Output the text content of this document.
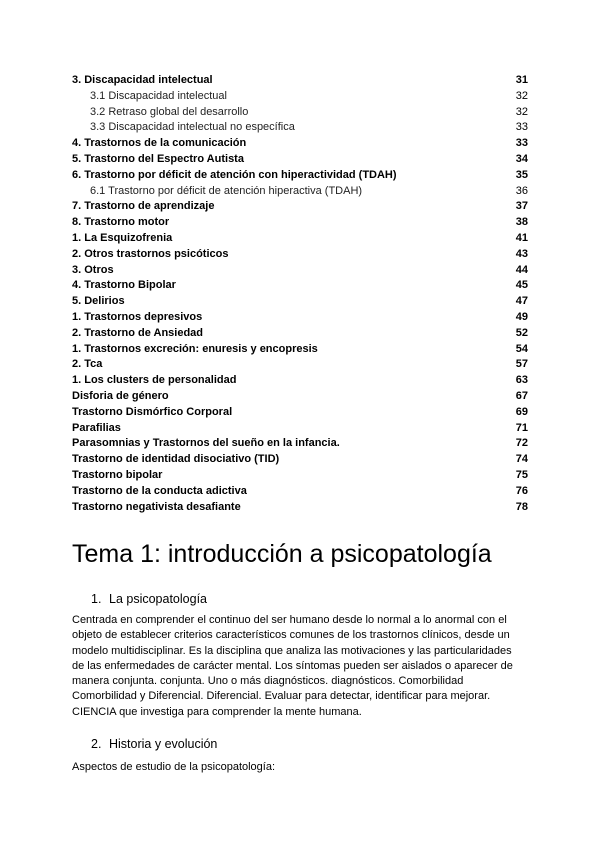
3. Discapacidad intelectual	31
3.1 Discapacidad intelectual	32
3.2 Retraso global del desarrollo	32
3.3 Discapacidad intelectual no específica	33
4. Trastornos de la comunicación	33
5. Trastorno del Espectro Autista	34
6. Trastorno por déficit de atención con hiperactividad (TDAH)	35
6.1 Trastorno por déficit de atención hiperactiva (TDAH)	36
7. Trastorno de aprendizaje	37
8. Trastorno motor	38
1. La Esquizofrenia	41
2. Otros trastornos psicóticos	43
3. Otros	44
4. Trastorno Bipolar	45
5. Delirios	47
1. Trastornos depresivos	49
2. Trastorno de Ansiedad	52
1. Trastornos excreción: enuresis y encopresis	54
2. Tca	57
1. Los clusters de personalidad	63
Disforia de género	67
Trastorno Dismórfico Corporal	69
Parafilias	71
Parasomnias y Trastornos del sueño en la infancia.	72
Trastorno de identidad disociativo (TID)	74
Trastorno bipolar	75
Trastorno de la conducta adictiva	76
Trastorno negativista desafiante	78
Tema 1: introducción a psicopatología
1. La psicopatología

Centrada en comprender el continuo del ser humano desde lo normal a lo anormal con el objeto de establecer criterios característicos comunes de los trastornos clínicos, desde un modelo multidisciplinar. Es la disciplina que analiza las motivaciones y las particularidades de las enfermedades de carácter mental. Los síntomas pueden ser aislados o aparecer de manera conjunta. conjunta. Uno o más diagnósticos. diagnósticos. Comorbilidad Comorbilidad y Diferencial. Diferencial. Evaluar para detectar, identificar para mejorar. CIENCIA que investiga para comprender la mente humana.

2. Historia y evolución

Aspectos de estudio de la psicopatología:
